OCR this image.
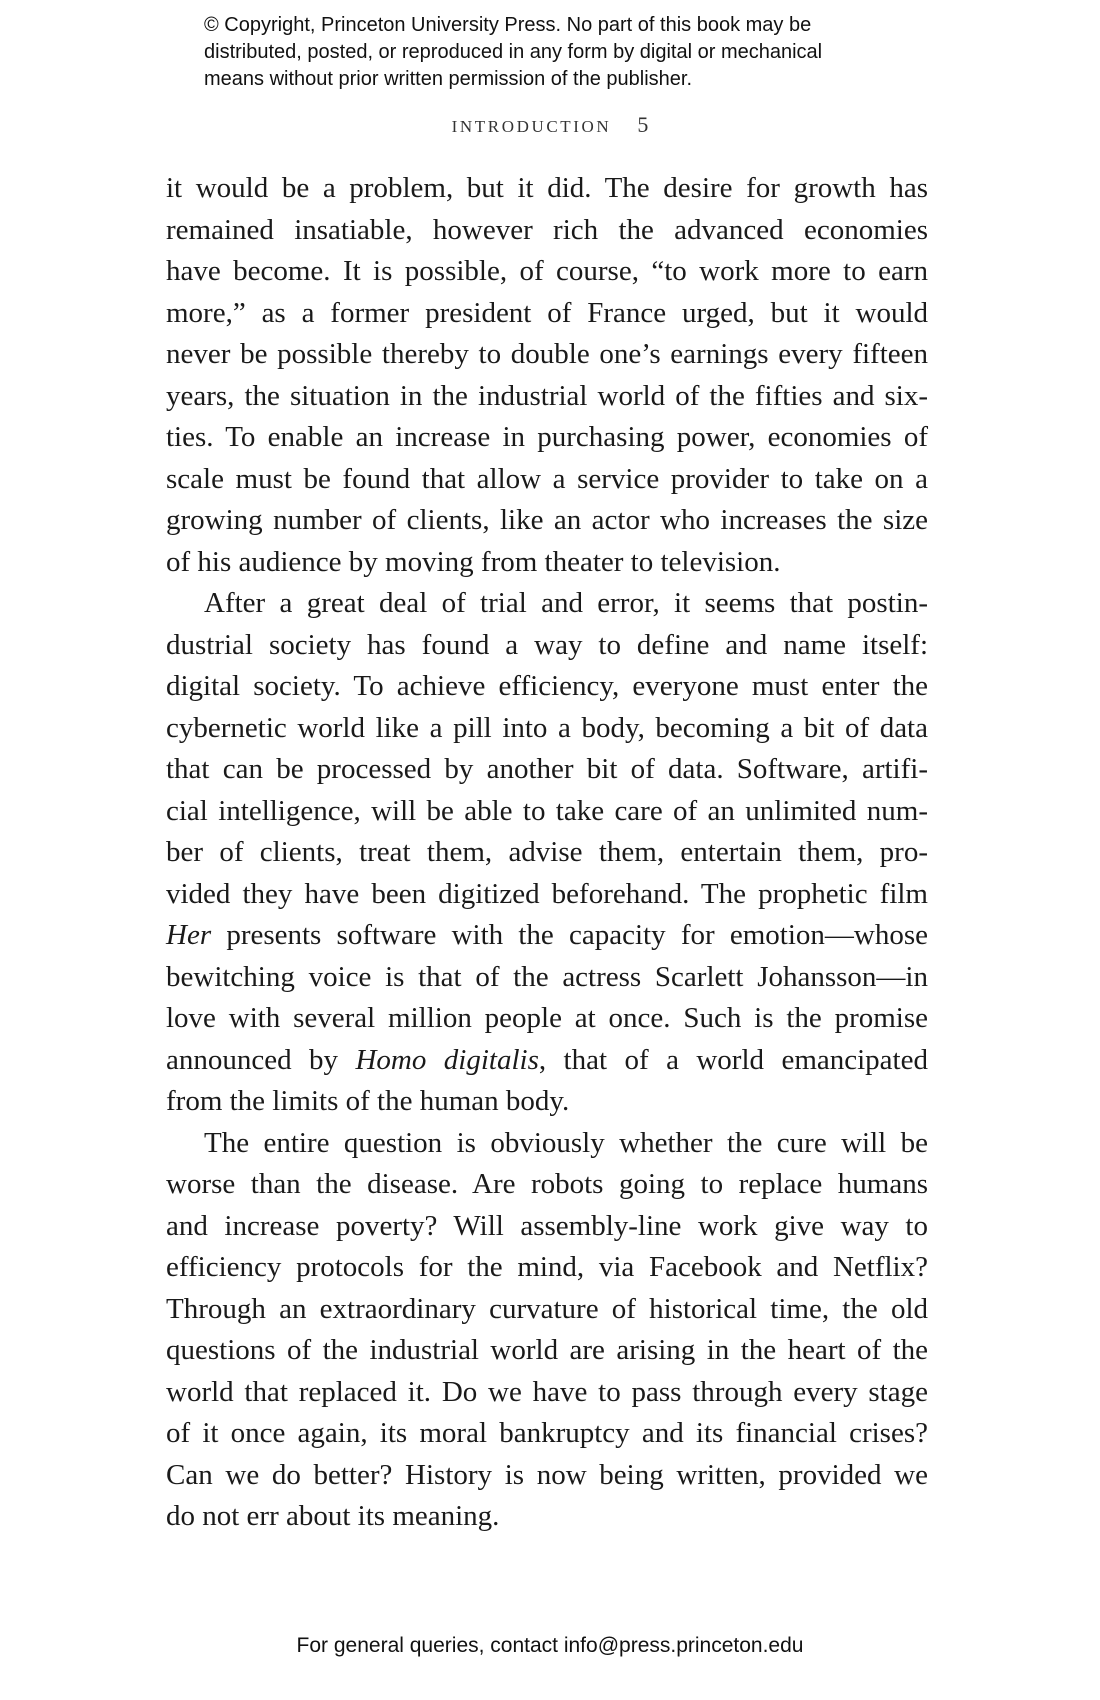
© Copyright, Princeton University Press. No part of this book may be
distributed, posted, or reproduced in any form by digital or mechanical
means without prior written permission of the publisher.
INTRODUCTION 5
it would be a problem, but it did. The desire for growth has
remained insatiable, however rich the advanced economies
have become. It is possible, of course, “to work more to earn
more,” as a former president of France urged, but it would
never be possible thereby to double one’s earnings every fifteen
years, the situation in the industrial world of the fifties and six-
ties. To enable an increase in purchasing power, economies of
scale must be found that allow a service provider to take on a
growing number of clients, like an actor who increases the size
of his audience by moving from theater to television.
After a great deal of trial and error, it seems that postin-
dustrial society has found a way to define and name itself:
digital society. To achieve efficiency, everyone must enter the
cybernetic world like a pill into a body, becoming a bit of data
that can be processed by another bit of data. Software, artifi-
cial intelligence, will be able to take care of an unlimited num-
ber of clients, treat them, advise them, entertain them, pro-
vided they have been digitized beforehand. The prophetic film
Her presents software with the capacity for emotion—whose
bewitching voice is that of the actress Scarlett Johansson—in
love with several million people at once. Such is the promise
announced by Homo digitalis, that of a world emancipated
from the limits of the human body.
The entire question is obviously whether the cure will be
worse than the disease. Are robots going to replace humans
and increase poverty? Will assembly-line work give way to
efficiency protocols for the mind, via Facebook and Netflix?
Through an extraordinary curvature of historical time, the old
questions of the industrial world are arising in the heart of the
world that replaced it. Do we have to pass through every stage
of it once again, its moral bankruptcy and its financial crises?
Can we do better? History is now being written, provided we
do not err about its meaning.
For general queries, contact info@press.princeton.edu
